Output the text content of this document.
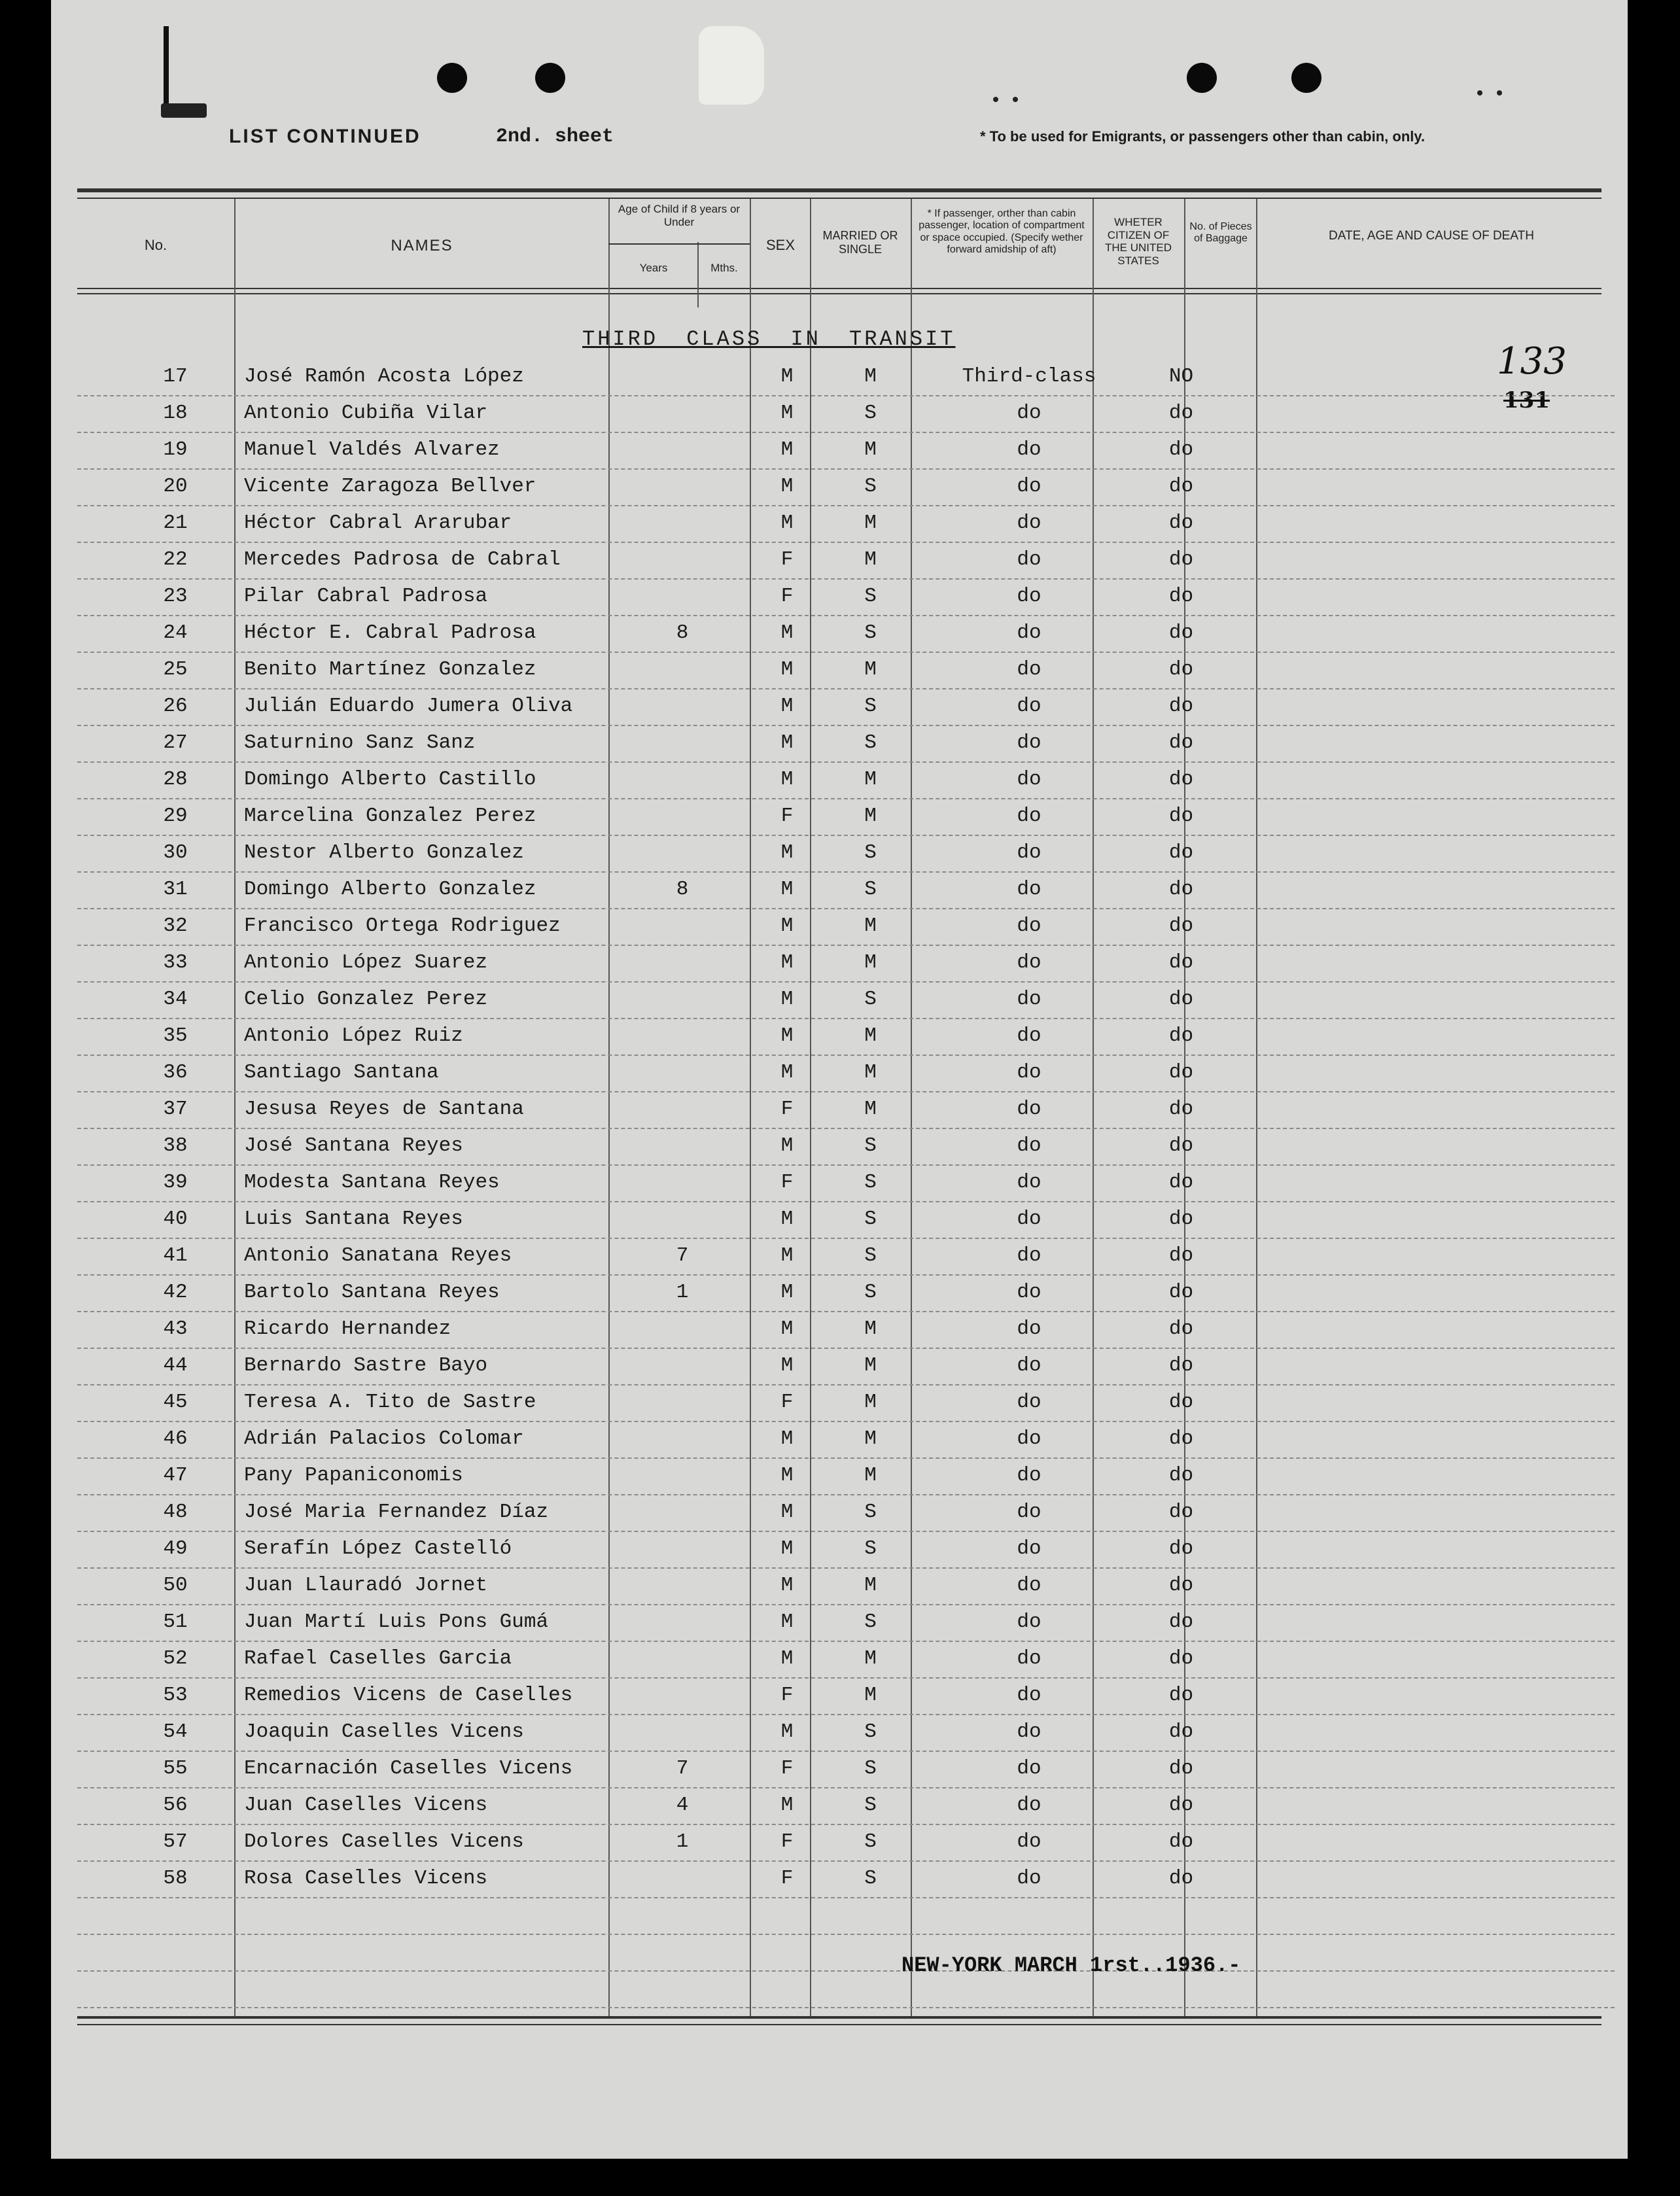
LIST CONTINUED	2nd. sheet	* To be used for Emigrants, or passengers other than cabin, only.
No.	NAMES
Age of Child if 8 years or Under
Years	Mths.
SEX
MARRIED OR SINGLE
* If passenger, orther than cabin passenger, location of compartment or space occupied. (Specify wether forward amidship of aft)
WHETER CITIZEN OF THE UNITED STATES
No. of Pieces of Baggage	DATE, AGE AND CAUSE OF DEATH
THIRD CLASS IN TRANSIT
133
131
17	José Ramón Acosta López	M	M	Third-class	NO
18	Antonio Cubiña Vilar	M	S	do	do
19	Manuel Valdés Alvarez	M	M	do	do
20	Vicente Zaragoza Bellver	M	S	do	do
21	Héctor Cabral Ararubar	M	M	do	do
22	Mercedes Padrosa de Cabral	F	M	do	do
23	Pilar Cabral Padrosa	F	S	do	do
24	Héctor E. Cabral Padrosa	8	M	S	do	do
25	Benito Martínez Gonzalez	M	M	do	do
26	Julián Eduardo Jumera Oliva	M	S	do	do
27	Saturnino Sanz Sanz	M	S	do	do
28	Domingo Alberto Castillo	M	M	do	do
29	Marcelina Gonzalez Perez	F	M	do	do
30	Nestor Alberto Gonzalez	M	S	do	do
31	Domingo Alberto Gonzalez	8	M	S	do	do
32	Francisco Ortega Rodriguez	M	M	do	do
33	Antonio López Suarez	M	M	do	do
34	Celio Gonzalez Perez	M	S	do	do
35	Antonio López Ruiz	M	M	do	do
36	Santiago Santana	M	M	do	do
37	Jesusa Reyes de Santana	F	M	do	do
38	José Santana Reyes	M	S	do	do
39	Modesta Santana Reyes	F	S	do	do
40	Luis Santana Reyes	M	S	do	do
41	Antonio Sanatana Reyes	7	M	S	do	do
42	Bartolo Santana Reyes	1	M	S	do	do
43	Ricardo Hernandez	M	M	do	do
44	Bernardo Sastre Bayo	M	M	do	do
45	Teresa A. Tito de Sastre	F	M	do	do
46	Adrián Palacios Colomar	M	M	do	do
47	Pany Papaniconomis	M	M	do	do
48	José Maria Fernandez Díaz	M	S	do	do
49	Serafín López Castelló	M	S	do	do
50	Juan Llauradó Jornet	M	M	do	do
51	Juan Martí Luis Pons Gumá	M	S	do	do
52	Rafael Caselles Garcia	M	M	do	do
53	Remedios Vicens de Caselles	F	M	do	do
54	Joaquin Caselles Vicens	M	S	do	do
55	Encarnación Caselles Vicens	7	F	S	do	do
56	Juan Caselles Vicens	4	M	S	do	do
57	Dolores Caselles Vicens	1	F	S	do	do
58	Rosa Caselles Vicens	F	S	do	do
NEW-YORK MARCH 1rst..1936.-
